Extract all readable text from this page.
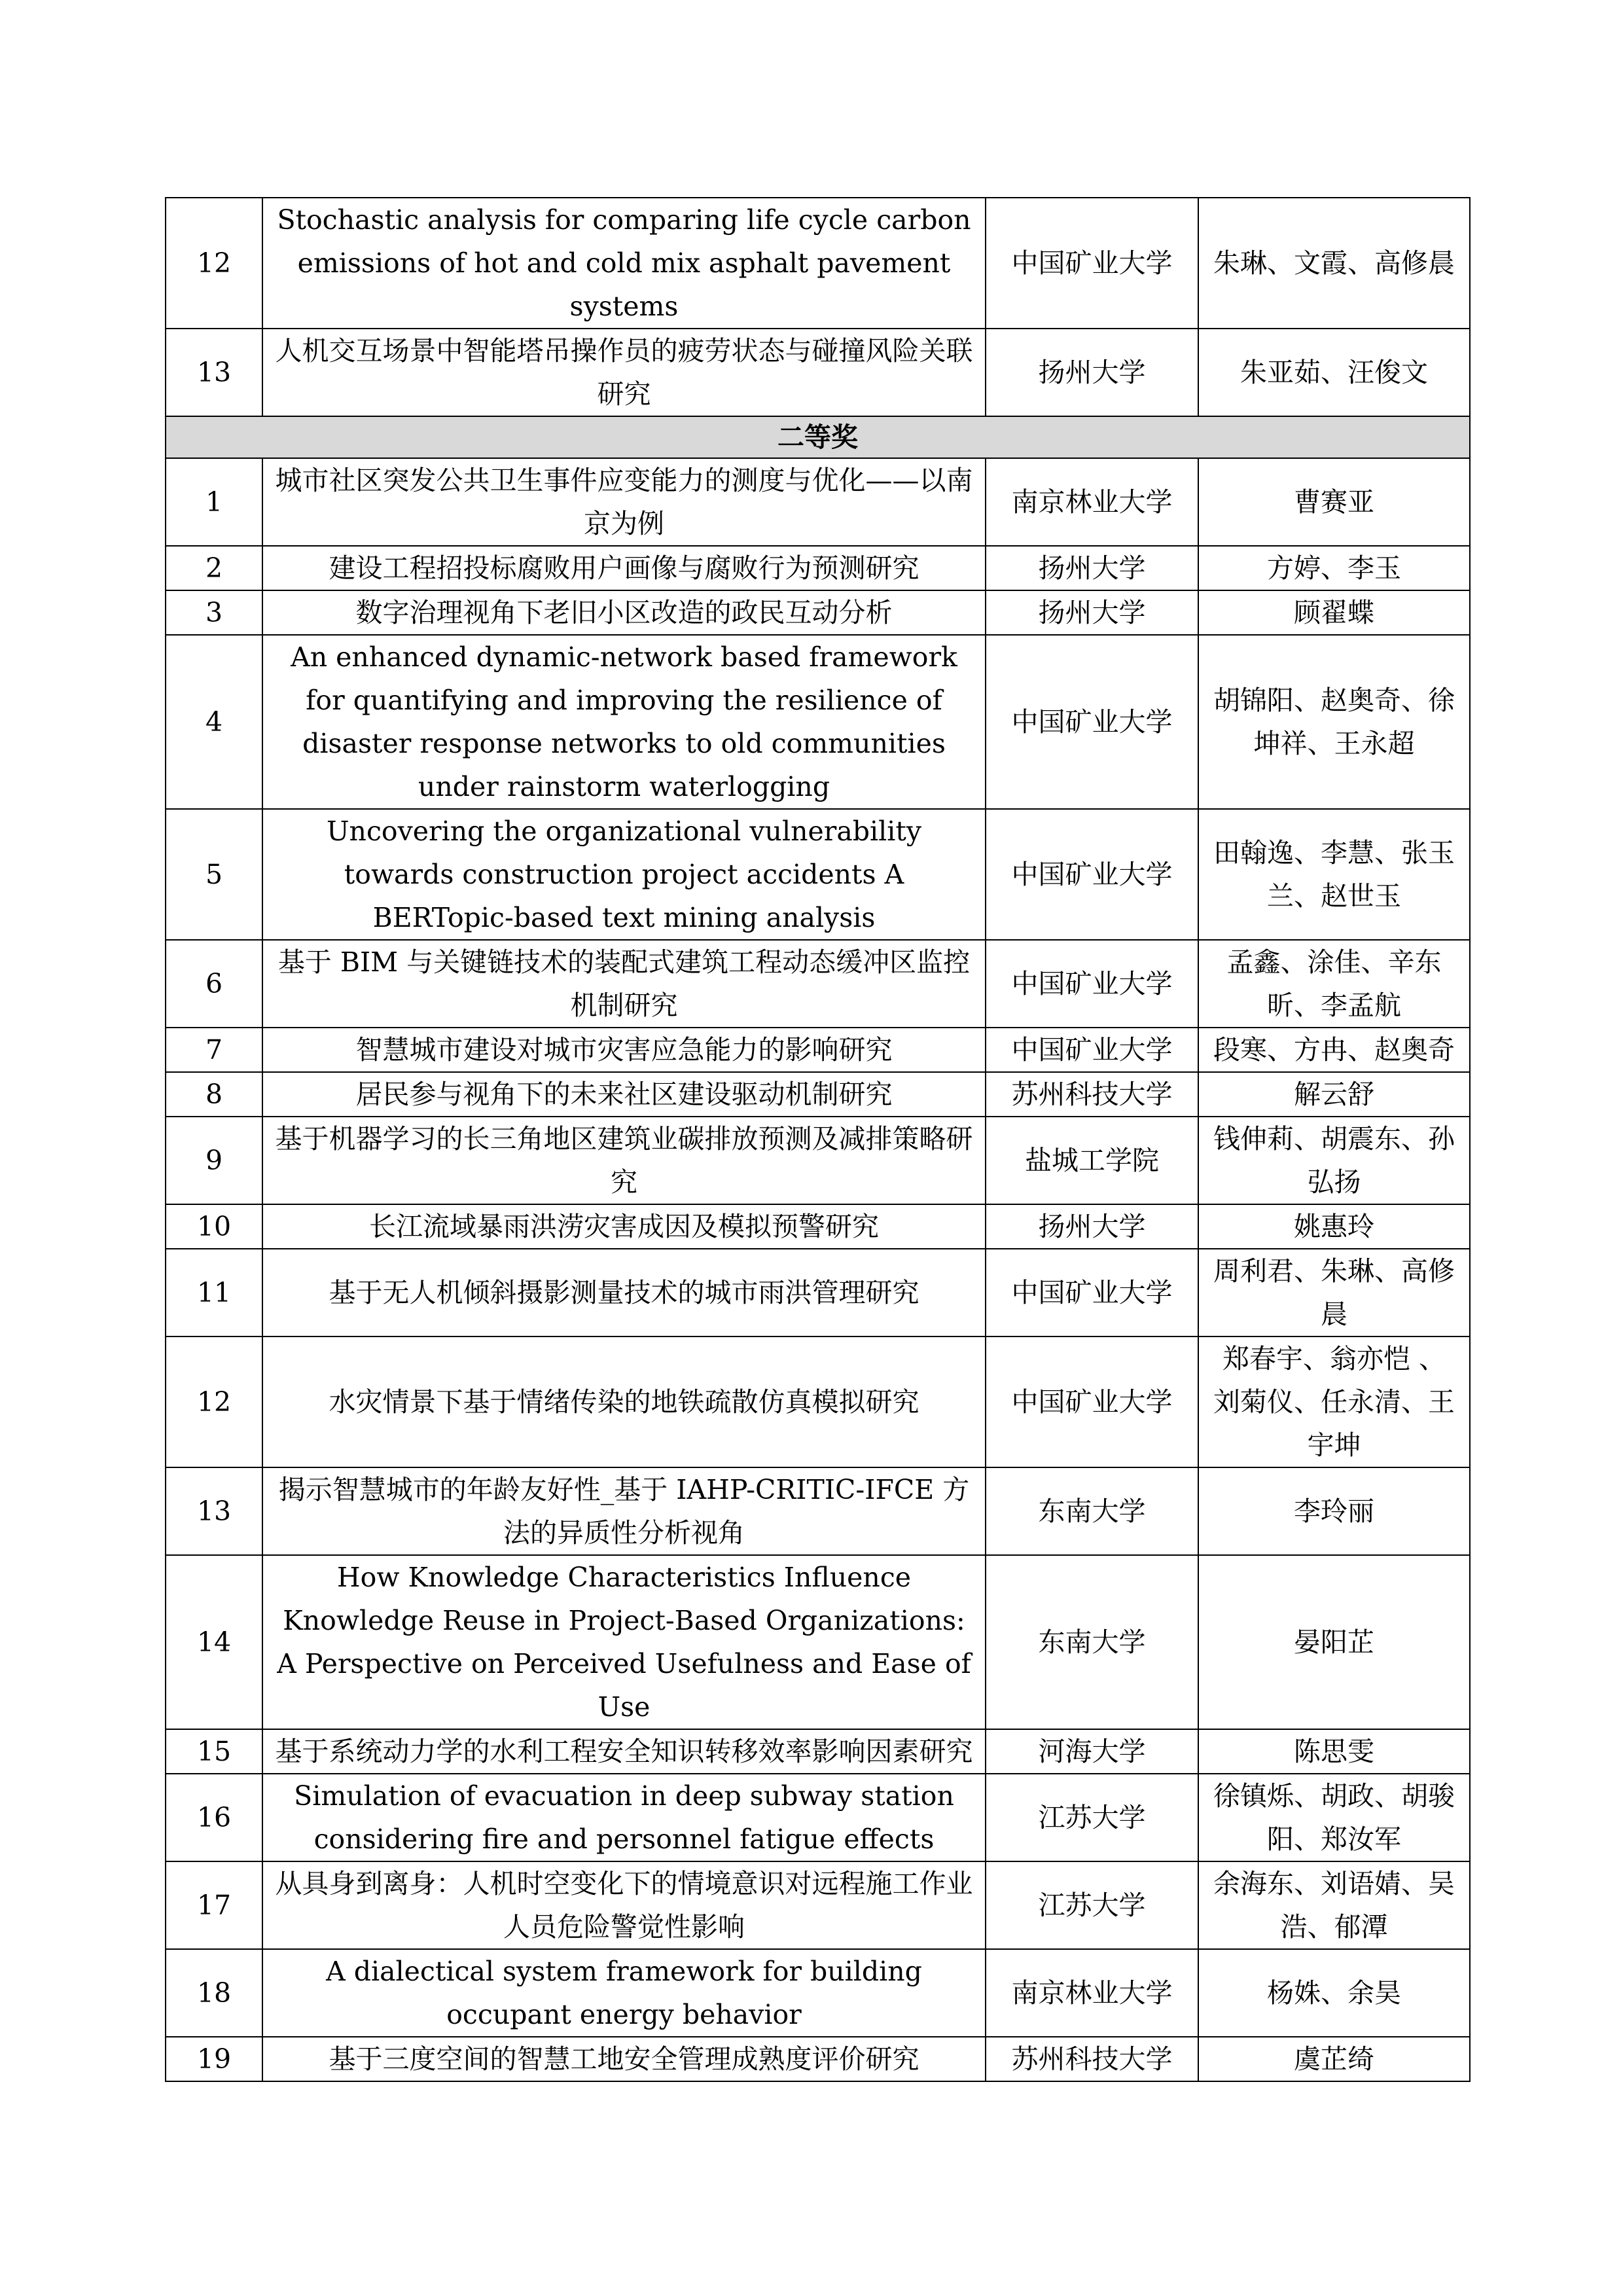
12	Stochastic analysis for comparing life cycle carbon emissions of hot and cold mix asphalt pavement systems	中国矿业大学	朱琳、文霞、高修晨
13	人机交互场景中智能塔吊操作员的疲劳状态与碰撞风险关联研究	扬州大学	朱亚茹、汪俊文
二等奖			
1	城市社区突发公共卫生事件应变能力的测度与优化——以南京为例	南京林业大学	曹赛亚
2	建设工程招投标腐败用户画像与腐败行为预测研究	扬州大学	方婷、李玉
3	数字治理视角下老旧小区改造的政民互动分析	扬州大学	顾翟蝶
4	An enhanced dynamic-network based framework for quantifying and improving the resilience of disaster response networks to old communities under rainstorm waterlogging	中国矿业大学	胡锦阳、赵奥奇、徐坤祥、王永超
5	Uncovering the organizational vulnerability towards construction project accidents A BERTopic-based text mining analysis	中国矿业大学	田翰逸、李慧、张玉兰、赵世玉
6	基于 BIM 与关键链技术的装配式建筑工程动态缓冲区监控机制研究	中国矿业大学	孟鑫、涂佳、辛东昕、李孟航
7	智慧城市建设对城市灾害应急能力的影响研究	中国矿业大学	段寒、方冉、赵奥奇
8	居民参与视角下的未来社区建设驱动机制研究	苏州科技大学	解云舒
9	基于机器学习的长三角地区建筑业碳排放预测及减排策略研究	盐城工学院	钱伸莉、胡震东、孙弘扬
10	长江流域暴雨洪涝灾害成因及模拟预警研究	扬州大学	姚惠玲
11	基于无人机倾斜摄影测量技术的城市雨洪管理研究	中国矿业大学	周利君、朱琳、高修晨
12	水灾情景下基于情绪传染的地铁疏散仿真模拟研究	中国矿业大学	郑春宇、翁亦恺 、刘菊仪、任永清、王宇坤
13	揭示智慧城市的年龄友好性_基于 IAHP-CRITIC-IFCE 方法的异质性分析视角	东南大学	李玲丽
14	How Knowledge Characteristics Influence Knowledge Reuse in Project-Based Organizations: A Perspective on Perceived Usefulness and Ease of Use	东南大学	晏阳芷
15	基于系统动力学的水利工程安全知识转移效率影响因素研究	河海大学	陈思雯
16	Simulation of evacuation in deep subway station considering fire and personnel fatigue effects	江苏大学	徐镇烁、胡政、胡骏阳、郑汝军
17	从具身到离身：人机时空变化下的情境意识对远程施工作业人员危险警觉性影响	江苏大学	余海东、刘语婧、吴浩、郁潭
18	A dialectical system framework for building occupant energy behavior	南京林业大学	杨姝、余昊
19	基于三度空间的智慧工地安全管理成熟度评价研究	苏州科技大学	虞芷绮
